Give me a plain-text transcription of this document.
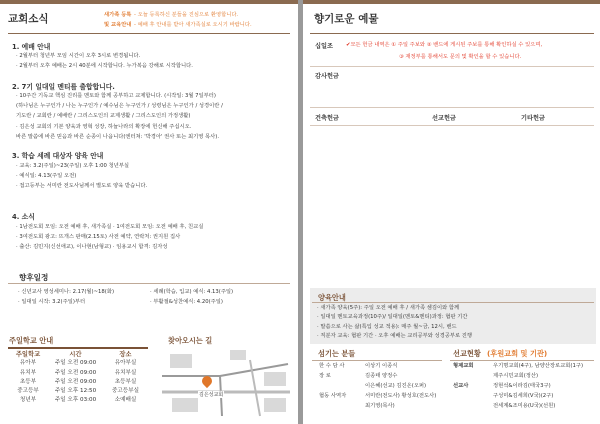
교회소식	새가족 등록 - 오늘 등록하신 분들을 진심으로 환영합니다.
및 교육안내 - 예배 후 안내를 받아 새가족실로 오시기 바랍니다.
1. 예배 안내
· 2월부터 청년부 모임 시간이 오후 3시로 변경됩니다.
· 2월부터 오후 예배는 2시 40분에 시작합니다. 누가복음 강해로 시작합니다.
2. 7기 일대일 멘티를 출합합니다.
· 10주간 기독교 핵심 진리를 멘토와 함께 공부하고 교제합니다. (시작일: 3월 7일부터)
(하나님은 누구인가 / 나는 누구인가 / 예수님은 누구인가 / 성령님은 누구인가 / 성경이란 /
기도란 / 교회란 / 예배란 / 그리스도인의 교제생활 / 그리스도인의 가정생활)
· 김은성 교회의 기본 양육과 영혁 성장, 하늘나라의 확장에 헌신해 주십시오.
바른 말씀에 바른 믿음과 바른 순종이 나옵니다(엔터쳐: '박경아' 권사 또는 최기영 목사).
3. 학습 세례 대상자 양육 안내
· 교육: 3.2(주일)~23(주일) 오후 1:00 청년부실
· 예식일: 4.13(주일 오전)
· 접고등부는 서미란 전도사님께서 별도로 양육 받습니다.
4. 소식
· 1남전도회 모임: 오전 예배 후, 새가족실 · 1여전도회 모임: 오전 예배 후, 친교실
· 3여전도회 광고: 뜨개스 판매(2.15토) 사전 예약, 연락처: 권지원 집사
· 출산: 김민지(신선애교), 이나현(남형교) · 임용교시 합격: 김자성
향후일정
· 신년교사 영성세미나: 2.17(월)~18(화)	· 세례(학습, 입교) 예식: 4.13(주일)
· 일대일 시작: 3.2(주일)부터	· 부활절&성찬예식: 4.20(주일)
주일학교 안내
주일학교	시간	장소
유아부	주일 오전 09:00	유아부실
유치부	주일 오전 09:00	유치부실
초등부	주일 오전 09:00	초등부실
중고등부	주일 오후 12:50	중고등부실
청년부	주일 오후 03:00	소예배실
찾아오시는 길
김은성교회
향기로운 예물
십일조 ✔모든 헌금 내역은 ① 주일 주보와 ② 밴드에 게시된 주보를 통해 확인하실 수 있으며,
③ 재정부를 통해서도 문의 및 확인을 할 수 있습니다.
감사헌금
건축헌금	선교헌금	기타헌금
양육안내
· 새가족 양육(5주): 주일 오전 예배 후 / 새가족 셈김이와 함께
· 일대일 멘토교육과정(10주)/ 일대일(멘토&멘티)과정: 협판 기간
· 말씀으로 사는 삶(특입 성교 적용): 매주 월~금, 12시, 밴드
· 직분자 교육: 협판 기간 · 오후 예배는 교리공부와 성경공부로 진행
섬기는 분들
한 수 담 사	이상기 이종식
장 로	김종태 양정수
이은혜(선교) 김진온(오퍼)
협동 사역자	서미란(전도사) 황성호(전도사)
최기영(목사)
선교현황 (후원교회 및 기관)
형제교회	우기명교회(4구), 남양산장로교회(1구)
제주시민교회(정산)
선교사	정현석&이라김(태국3구)
구성미&김세희(V국)(2구)
전세계&조미용(U국)(선원)
